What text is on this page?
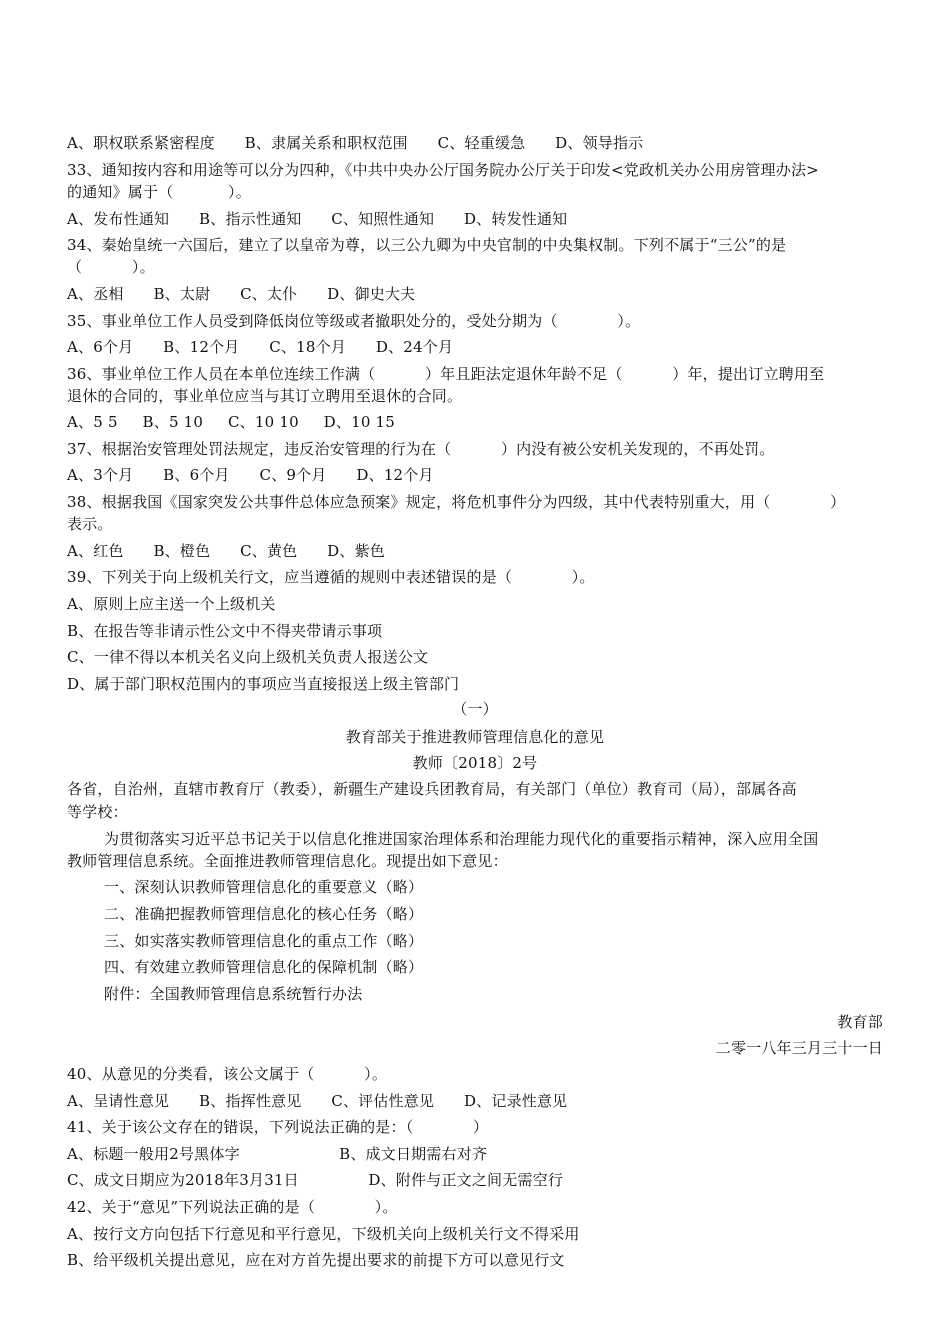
A、职权联系紧密程度      B、隶属关系和职权范围      C、轻重缓急      D、领导指示
33、通知按内容和用途等可以分为四种，《中共中央办公厅国务院办公厅关于印发<党政机关办公用房管理办法>
的通知》属于（           ）。
A、发布性通知      B、指示性通知      C、知照性通知      D、转发性通知
34、秦始皇统一六国后，建立了以皇帝为尊，以三公九卿为中央官制的中央集权制。下列不属于“三公”的是
（          ）。
A、丞相      B、太尉      C、太仆      D、御史大夫
35、事业单位工作人员受到降低岗位等级或者撤职处分的，受处分期为（            ）。
A、6个月      B、12个月      C、18个月      D、24个月
36、事业单位工作人员在本单位连续工作满（          ）年且距法定退休年龄不足（          ）年，提出订立聘用至
退休的合同的，事业单位应当与其订立聘用至退休的合同。
A、5 5     B、5 10     C、10 10     D、10 15
37、根据治安管理处罚法规定，违反治安管理的行为在（          ）内没有被公安机关发现的，不再处罚。
A、3个月      B、6个月      C、9个月      D、12个月
38、根据我国《国家突发公共事件总体应急预案》规定，将危机事件分为四级，其中代表特别重大，用（            ）
表示。
A、红色      B、橙色      C、黄色      D、紫色
39、下列关于向上级机关行文，应当遵循的规则中表述错误的是（            ）。
A、原则上应主送一个上级机关
B、在报告等非请示性公文中不得夹带请示事项
C、一律不得以本机关名义向上级机关负责人报送公文
D、属于部门职权范围内的事项应当直接报送上级主管部门
（一）
教育部关于推进教师管理信息化的意见
教师〔2018〕2号
各省，自治州，直辖市教育厅（教委），新疆生产建设兵团教育局，有关部门（单位）教育司（局），部属各高
等学校：
为贯彻落实习近平总书记关于以信息化推进国家治理体系和治理能力现代化的重要指示精神，深入应用全国
教师管理信息系统。全面推进教师管理信息化。现提出如下意见：
一、深刻认识教师管理信息化的重要意义（略）
二、准确把握教师管理信息化的核心任务（略）
三、如实落实教师管理信息化的重点工作（略）
四、有效建立教师管理信息化的保障机制（略）
附件：全国教师管理信息系统暂行办法
教育部
二零一八年三月三十一日
40、从意见的分类看，该公文属于（          ）。
A、呈请性意见      B、指挥性意见      C、评估性意见      D、记录性意见
41、关于该公文存在的错误，下列说法正确的是：（            ）
A、标题一般用2号黑体字                    B、成文日期需右对齐
C、成文日期应为2018年3月31日              D、附件与正文之间无需空行
42、关于“意见”下列说法正确的是（            ）。
A、按行文方向包括下行意见和平行意见，下级机关向上级机关行文不得采用
B、给平级机关提出意见，应在对方首先提出要求的前提下方可以意见行文
